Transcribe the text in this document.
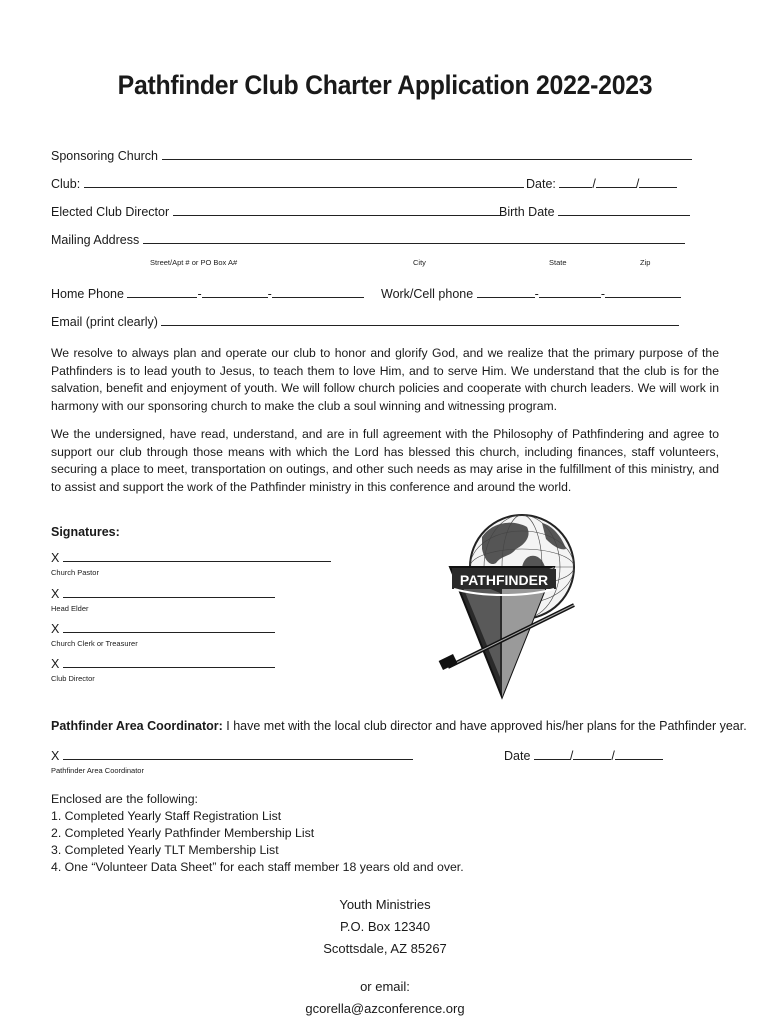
Pathfinder Club Charter Application 2022-2023
Sponsoring Church
Club:	Date:	/	/
Elected Club Director	Birth Date
Mailing Address
Street/Apt # or PO Box A#	City	State	Zip
Home Phone	-	-	Work/Cell phone	-	-
Email (print clearly)
We resolve to always plan and operate our club to honor and glorify God, and we realize that the primary purpose of the Pathfinders is to lead youth to Jesus, to teach them to love Him, and to serve Him. We understand that the club is for the salvation, benefit and enjoyment of youth. We will follow church policies and cooperate with church leaders. We will work in harmony with our sponsoring church to make the club a soul winning and witnessing program.
We the undersigned, have read, understand, and are in full agreement with the Philosophy of Pathfindering and agree to support our club through those means with which the Lord has blessed this church, including finances, staff volunteers, securing a place to meet, transportation on outings, and other such needs as may arise in the fulfillment of this ministry, and to assist and support the work of the Pathfinder ministry in this conference and around the world.
Signatures:
X
Church Pastor
X
Head Elder
X
Church Clerk or Treasurer
X
Club Director
PATHFINDER
Pathfinder Area Coordinator: I have met with the local club director and have approved his/her plans for the Pathfinder year.
X	Date	/	/
Pathfinder Area Coordinator
Enclosed are the following:
1. Completed Yearly Staff Registration List
2. Completed Yearly Pathfinder Membership List
3. Completed Yearly TLT Membership List
4. One “Volunteer Data Sheet” for each staff member 18 years old and over.
Youth Ministries
P.O. Box 12340
Scottsdale, AZ 85267
or email:
gcorella@azconference.org
